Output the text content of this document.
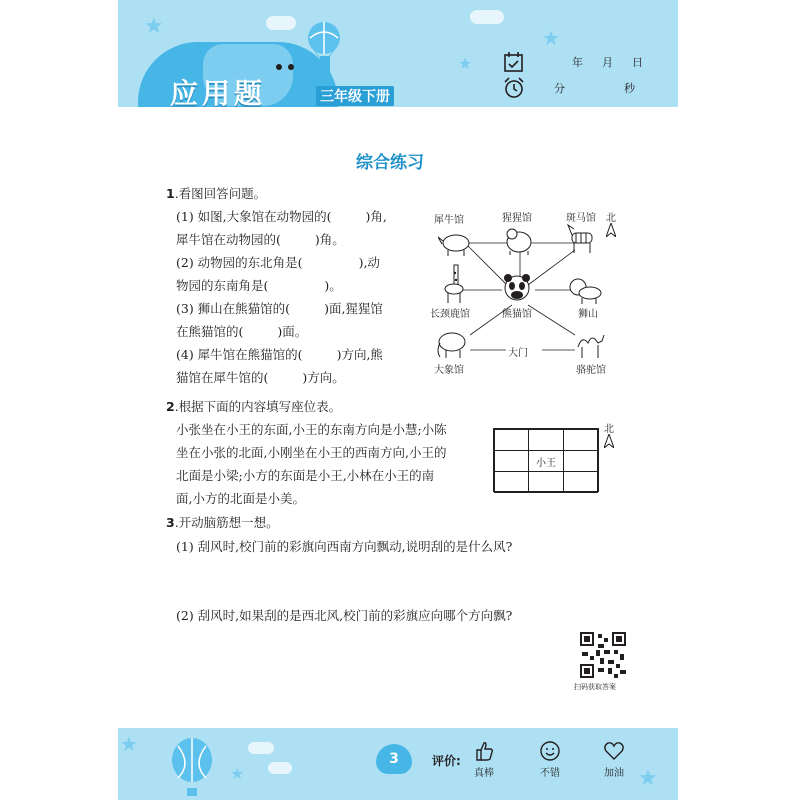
★	★
★
应用题	三年级下册
年 月 日
分	秒
★
★
★
3	评价:
真棒	不错	加油
综合练习
1.看图回答问题。
(1) 如图,大象馆在动物园的(	)角,
犀牛馆在动物园的(	)角。
(2) 动物园的东北角是(	),动
物园的东南角是(	)。
(3) 狮山在熊猫馆的(	)面,猩猩馆
在熊猫馆的(	)面。
(4) 犀牛馆在熊猫馆的(	)方向,熊
猫馆在犀牛馆的(	)方向。
犀牛馆	猩猩馆	斑马馆 北
长颈鹿馆	熊猫馆	狮山
大门
大象馆	骆驼馆
2.根据下面的内容填写座位表。
小张坐在小王的东面,小王的东南方向是小慧;小陈
坐在小张的北面,小刚坐在小王的西南方向,小王的
北面是小梁;小方的东面是小王,小林在小王的南
面,小方的北面是小美。

	小王	

北
3.开动脑筋想一想。
(1) 刮风时,校门前的彩旗向西南方向飘动,说明刮的是什么风?
(2) 刮风时,如果刮的是西北风,校门前的彩旗应向哪个方向飘?
扫码获取答案
